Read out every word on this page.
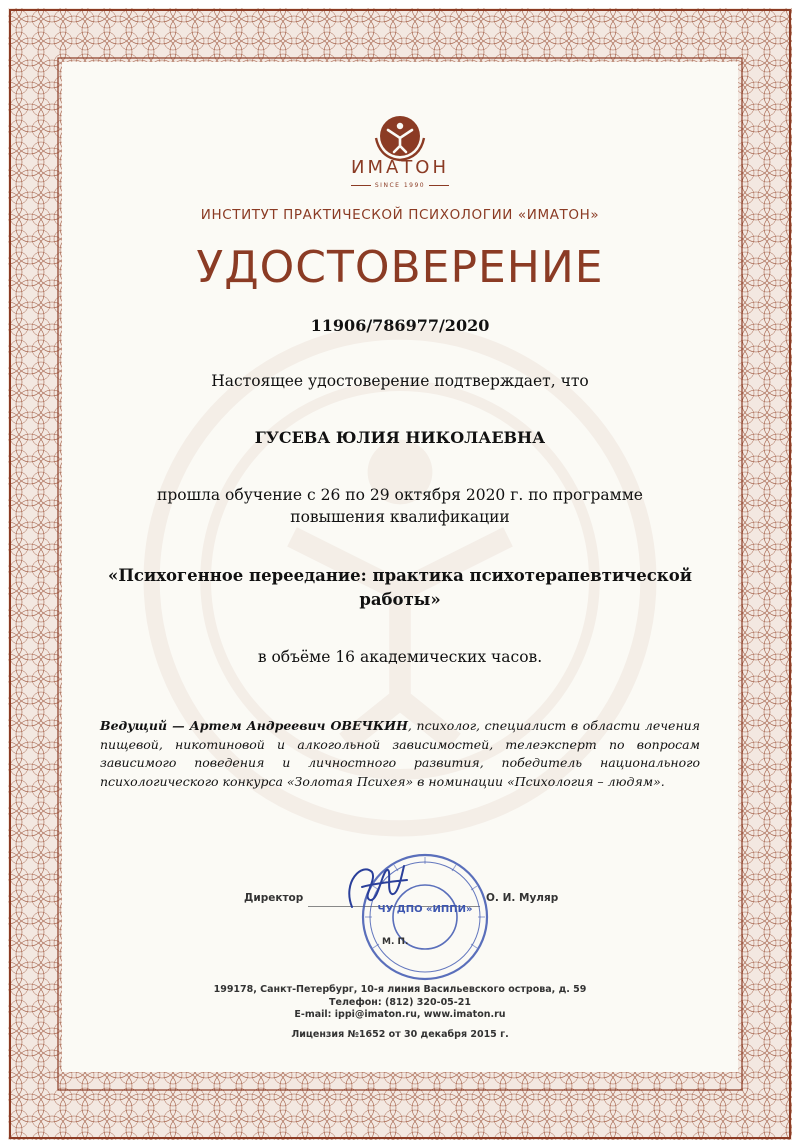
ИМАТОН
SINCE 1990
ИНСТИТУТ ПРАКТИЧЕСКОЙ ПСИХОЛОГИИ «ИМАТОН»
УДОСТОВЕРЕНИЕ
11906/786977/2020
Настоящее удостоверение подтверждает, что
ГУСЕВА ЮЛИЯ НИКОЛАЕВНА
прошла обучение с 26 по 29 октября 2020 г. по программе
повышения квалификации
«Психогенное переедание: практика психотерапевтической работы»
в объёме 16 академических часов.
Ведущий — Артем Андреевич ОВЕЧКИН, психолог, специалист в области лечения пищевой, никотиновой и алкогольной зависимостей, телеэксперт по вопросам зависимого поведения и личностного развития, победитель национального психологического конкурса «Золотая Психея» в номинации «Психология – людям».
Директор	О. И. Муляр
ЧУ ДПО «ИППИ»
М. П.
199178, Санкт-Петербург, 10-я линия Васильевского острова, д. 59
Телефон: (812) 320-05-21
E-mail: ippi@imaton.ru, www.imaton.ru
Лицензия №1652 от 30 декабря 2015 г.
